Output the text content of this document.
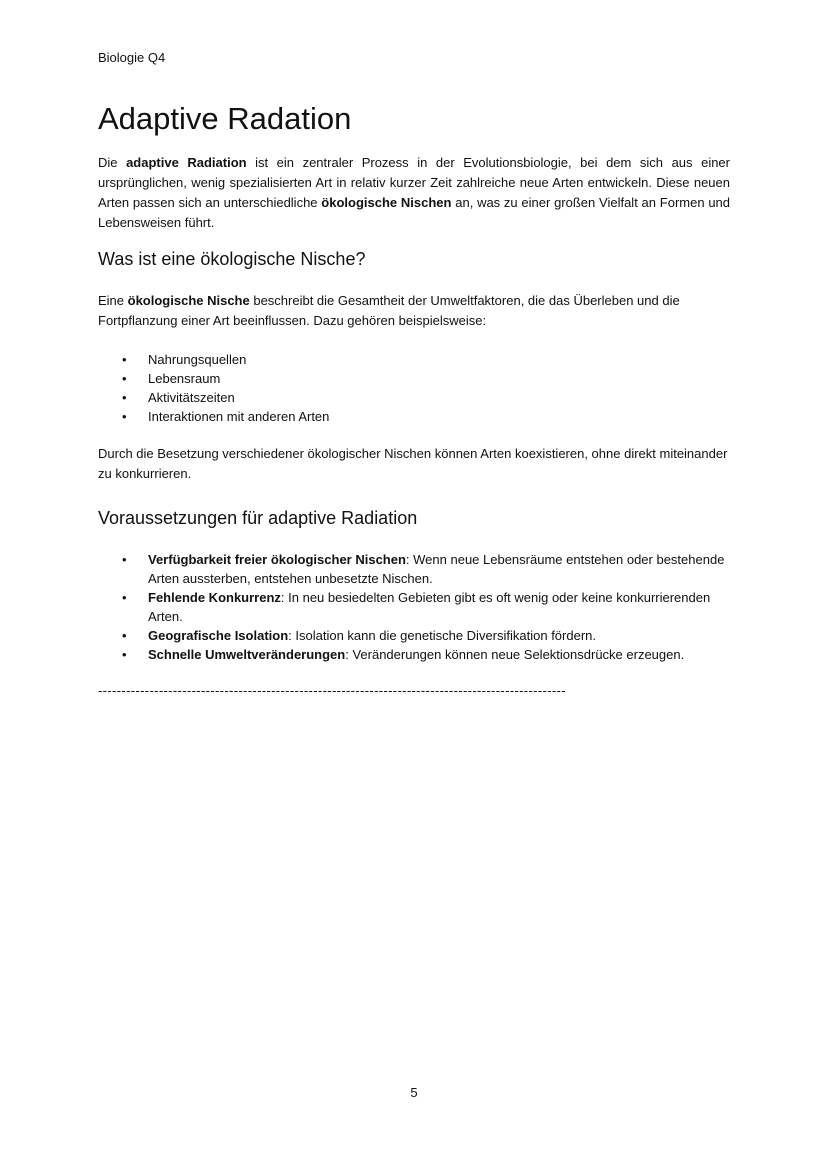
Biologie Q4
Adaptive Radation

Die adaptive Radiation ist ein zentraler Prozess in der Evolutionsbiologie, bei dem sich aus einer ursprünglichen, wenig spezialisierten Art in relativ kurzer Zeit zahlreiche neue Arten entwickeln. Diese neuen Arten passen sich an unterschiedliche ökologische Nischen an, was zu einer großen Vielfalt an Formen und Lebensweisen führt.

Was ist eine ökologische Nische?

Eine ökologische Nische beschreibt die Gesamtheit der Umweltfaktoren, die das Überleben und die Fortpflanzung einer Art beeinflussen. Dazu gehören beispielsweise:

• Nahrungsquellen
• Lebensraum
• Aktivitätszeiten
• Interaktionen mit anderen Arten

Durch die Besetzung verschiedener ökologischer Nischen können Arten koexistieren, ohne direkt miteinander zu konkurrieren.

Voraussetzungen für adaptive Radiation
• Verfügbarkeit freier ökologischer Nischen: Wenn neue Lebensräume entstehen oder bestehende Arten aussterben, entstehen unbesetzte Nischen.
• Fehlende Konkurrenz: In neu besiedelten Gebieten gibt es oft wenig oder keine konkurrierenden Arten.
• Geografische Isolation: Isolation kann die genetische Diversifikation fördern.
• Schnelle Umweltveränderungen: Veränderungen können neue Selektionsdrücke erzeugen.
----------------------------------------------------------------------------------------------------
5
